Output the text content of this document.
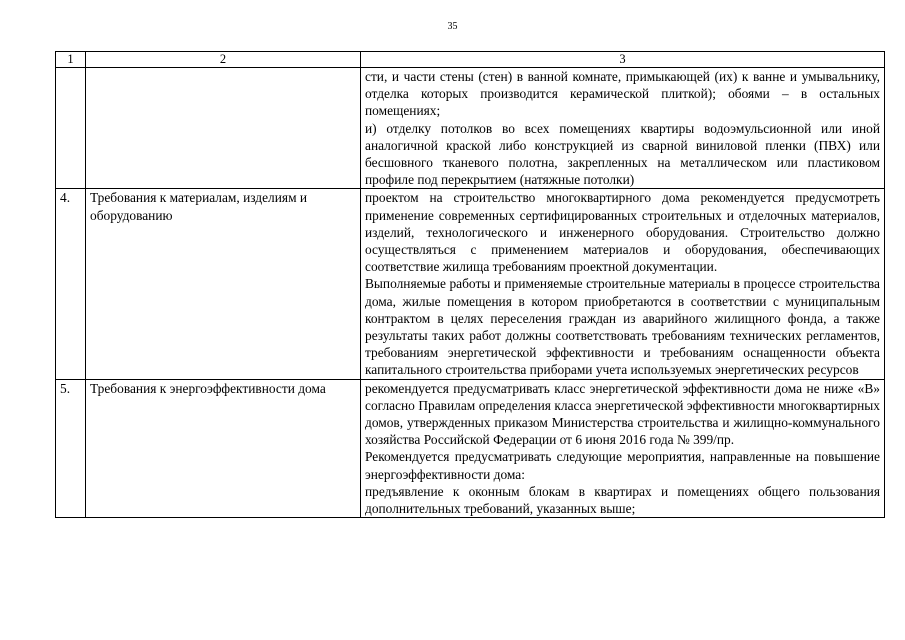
35
1	2	3

		сти, и части стены (стен) в ванной комнате, примыкающей (их) к ванне и умывальнику, отделка которых производится керамической плиткой); обоями – в остальных помещениях;

и) отделку потолков во всех помещениях квартиры водоэмульсионной или иной аналогичной краской либо конструкцией из сварной виниловой пленки (ПВХ) или бесшовного тканевого полотна, закрепленных на металлическом или пластиковом профиле под перекрытием (натяжные потолки)

4.	Требования к материалам, изделиям и оборудованию	проектом на строительство многоквартирного дома рекомендуется предусмотреть применение современных сертифицированных строительных и отделочных материалов, изделий, технологического и инженерного оборудования. Строительство должно осуществляться с применением материалов и оборудования, обеспечивающих соответствие жилища требованиям проектной документации.

Выполняемые работы и применяемые строительные материалы в процессе строительства дома, жилые помещения в котором приобретаются в соответствии с муниципальным контрактом в целях переселения граждан из аварийного жилищного фонда, а также результаты таких работ должны соответствовать требованиям технических регламентов, требованиям энергетической эффективности и требованиям оснащенности объекта капитального строительства приборами учета используемых энергетических ресурсов

5.	Требования к энергоэффективности дома	рекомендуется предусматривать класс энергетической эффективности дома не ниже «В» согласно Правилам определения класса энергетической эффективности многоквартирных домов, утвержденных приказом Министерства строительства и жилищно-коммунального хозяйства Российской Федерации от 6 июня 2016 года № 399/пр.

Рекомендуется предусматривать следующие мероприятия, направленные на повышение энергоэффективности дома:

предъявление к оконным блокам в квартирах и помещениях общего пользования дополнительных требований, указанных выше;
